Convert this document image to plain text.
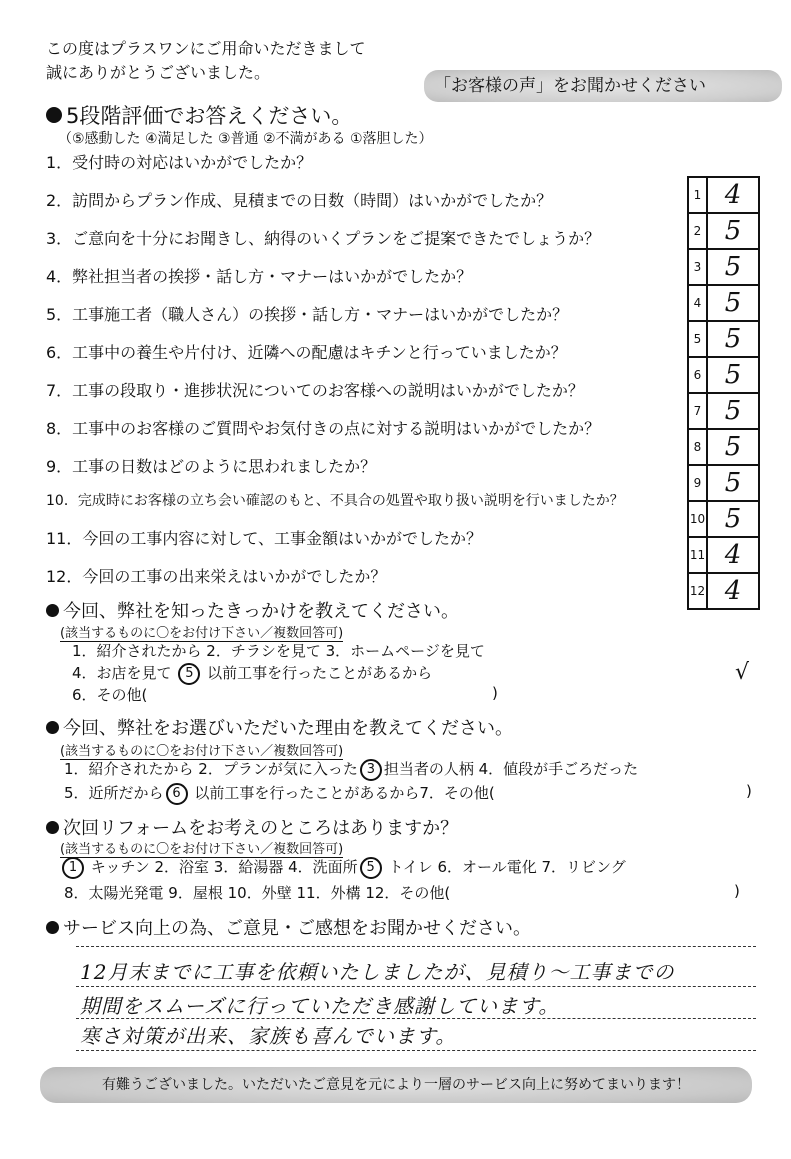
この度はプラスワンにご用命いただきまして
誠にありがとうございました。
「お客様の声」をお聞かせください
5段階評価でお答えください。
（⑤感動した ④満足した ③普通 ②不満がある ①落胆した）
1．受付時の対応はいかがでしたか？
2．訪問からプラン作成、見積までの日数（時間）はいかがでしたか？
3．ご意向を十分にお聞きし、納得のいくプランをご提案できたでしょうか？
4．弊社担当者の挨拶・話し方・マナーはいかがでしたか？
5．工事施工者（職人さん）の挨拶・話し方・マナーはいかがでしたか？
6．工事中の養生や片付け、近隣への配慮はキチンと行っていましたか？
7．工事の段取り・進捗状況についてのお客様への説明はいかがでしたか？
8．工事中のお客様のご質問やお気付きの点に対する説明はいかがでしたか？
9．工事の日数はどのように思われましたか？
10．完成時にお客様の立ち会い確認のもと、不具合の処置や取り扱い説明を行いましたか？
11．今回の工事内容に対して、工事金額はいかがでしたか？
12．今回の工事の出来栄えはいかがでしたか？
1	4
2	5
3	5
4	5
5	5
6	5
7	5
8	5
9	5
10	5
11	4
12	4
√
今回、弊社を知ったきっかけを教えてください。
(該当するものに〇をお付け下さい／複数回答可)
1．紹介されたから 2．チラシを見て 3．ホームページを見て
4．お店を見て 5 以前工事を行ったことがあるから
6．その他(	)
今回、弊社をお選びいただいた理由を教えてください。
(該当するものに〇をお付け下さい／複数回答可)
1．紹介されたから 2．プランが気に入った 3 担当者の人柄 4．値段が手ごろだった
5．近所だから 6 以前工事を行ったことがあるから7．その他(	)
次回リフォームをお考えのところはありますか？
(該当するものに〇をお付け下さい／複数回答可)
1 キッチン 2．浴室 3．給湯器 4．洗面所 5 トイレ 6．オール電化 7．リビング
8．太陽光発電 9．屋根 10．外壁 11．外構 12．その他(	)
サービス向上の為、ご意見・ご感想をお聞かせください。
12月末までに工事を依頼いたしましたが、見積り～工事までの
期間をスムーズに行っていただき感謝しています。
寒さ対策が出来、家族も喜んでいます。
有難うございました。いただいたご意見を元により一層のサービス向上に努めてまいります！
